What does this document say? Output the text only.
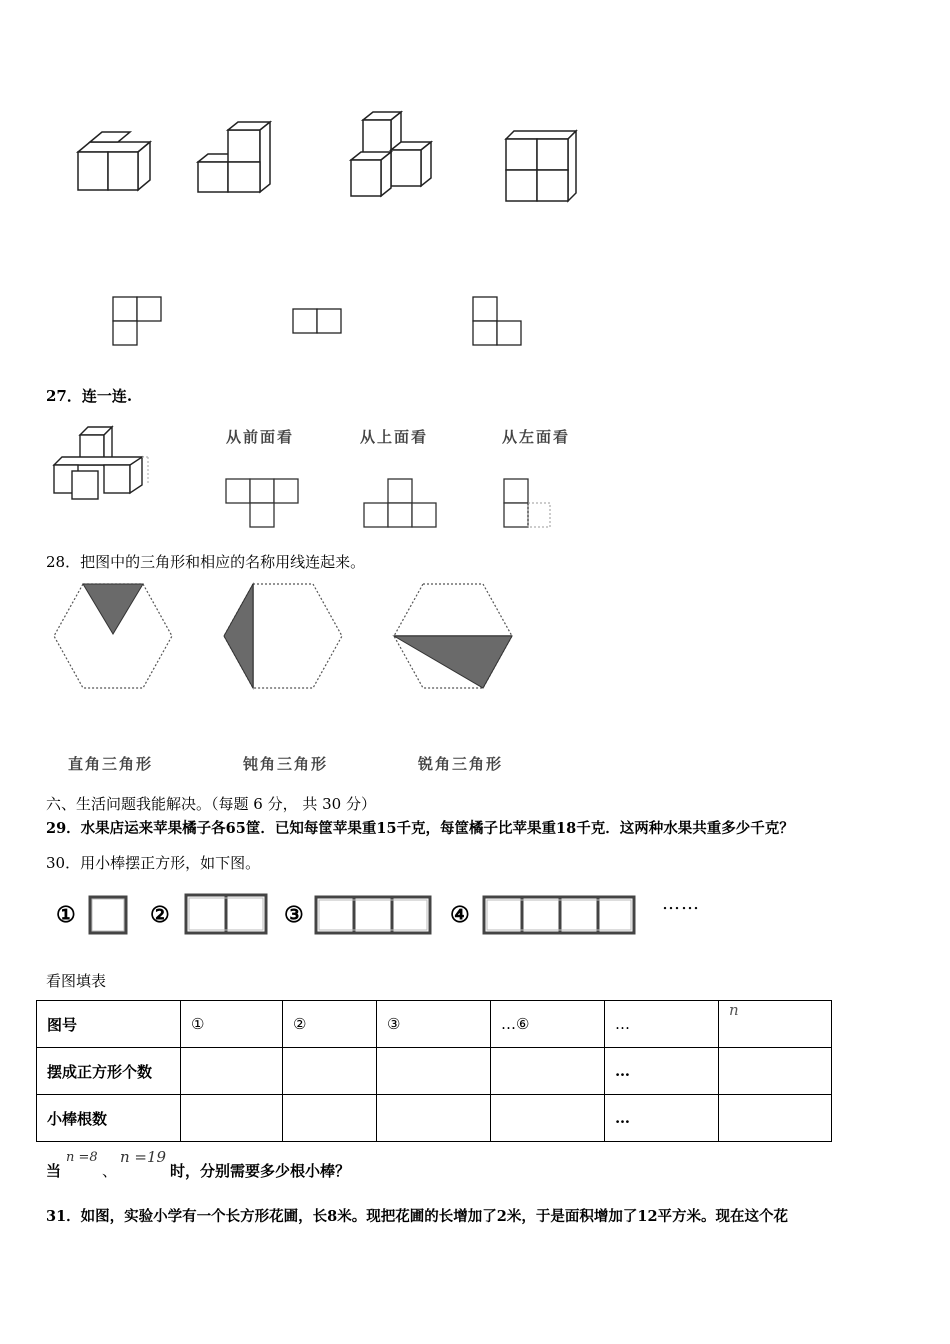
27．连一连.
从前面看	从上面看	从左面看
28．把图中的三角形和相应的名称用线连起来。
直角三角形	钝角三角形	锐角三角形
六、生活问题我能解决。（每题 6 分， 共 30 分）
29．水果店运来苹果橘子各65筐．已知每筐苹果重15千克，每筐橘子比苹果重18千克．这两种水果共重多少千克？
30．用小棒摆正方形，如下图。
①	②	③	④	……
看图填表
图号	①	②	③	…⑥	…	n
摆成正方形个数					…	
小棒根数					…	
当
n =8
、
n =19
时，分别需要多少根小棒？
31．如图，实验小学有一个长方形花圃，长8米。现把花圃的长增加了2米，于是面积增加了12平方米。现在这个花
